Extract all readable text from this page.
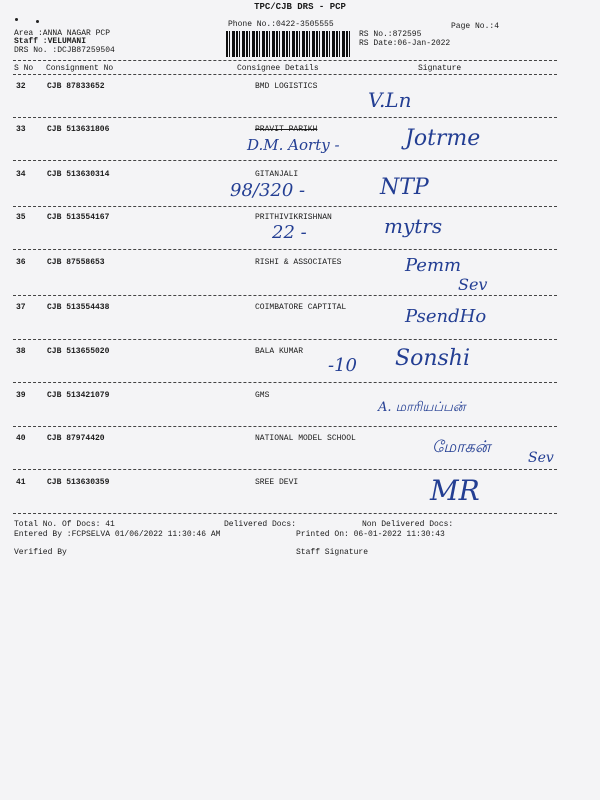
TPC/CJB DRS - PCP
Phone No.:0422-3505555	Page No.:4
Area :ANNA NAGAR PCP
Staff :VELUMANI
DRS No. :DCJB87259504
RS No.:872595
RS Date:06-Jan-2022
S No Consignment No	Consignee Details	Signature
32	CJB 87833652	BMD LOGISTICS
V.Ln
33	CJB 513631806	PRAVIT PARIKH
D.M. Aorty -	Jotrme
34	CJB 513630314	GITANJALI
98/320 -	NTP
35	CJB 513554167	PRITHIVIKRISHNAN
22 -	mytrs
36	CJB 87558653	RISHI & ASSOCIATES	Pemm
Sev
37	CJB 513554438	COIMBATORE CAPTITAL	PsendHo
38	CJB 513655020	BALA KUMAR
-10 Sonshi
39	CJB 513421079	GMS
A. மாரியப்பன்
40	CJB 87974420	NATIONAL MODEL SCHOOL	மோகன்
Sev
41	CJB 513630359	SREE DEVI	MR
Total No. Of Docs: 41	Delivered Docs:	Non Delivered Docs:
Entered By :FCPSELVA 01/06/2022 11:30:46 AM	Printed On: 06-01-2022 11:30:43
Verified By	Staff Signature
